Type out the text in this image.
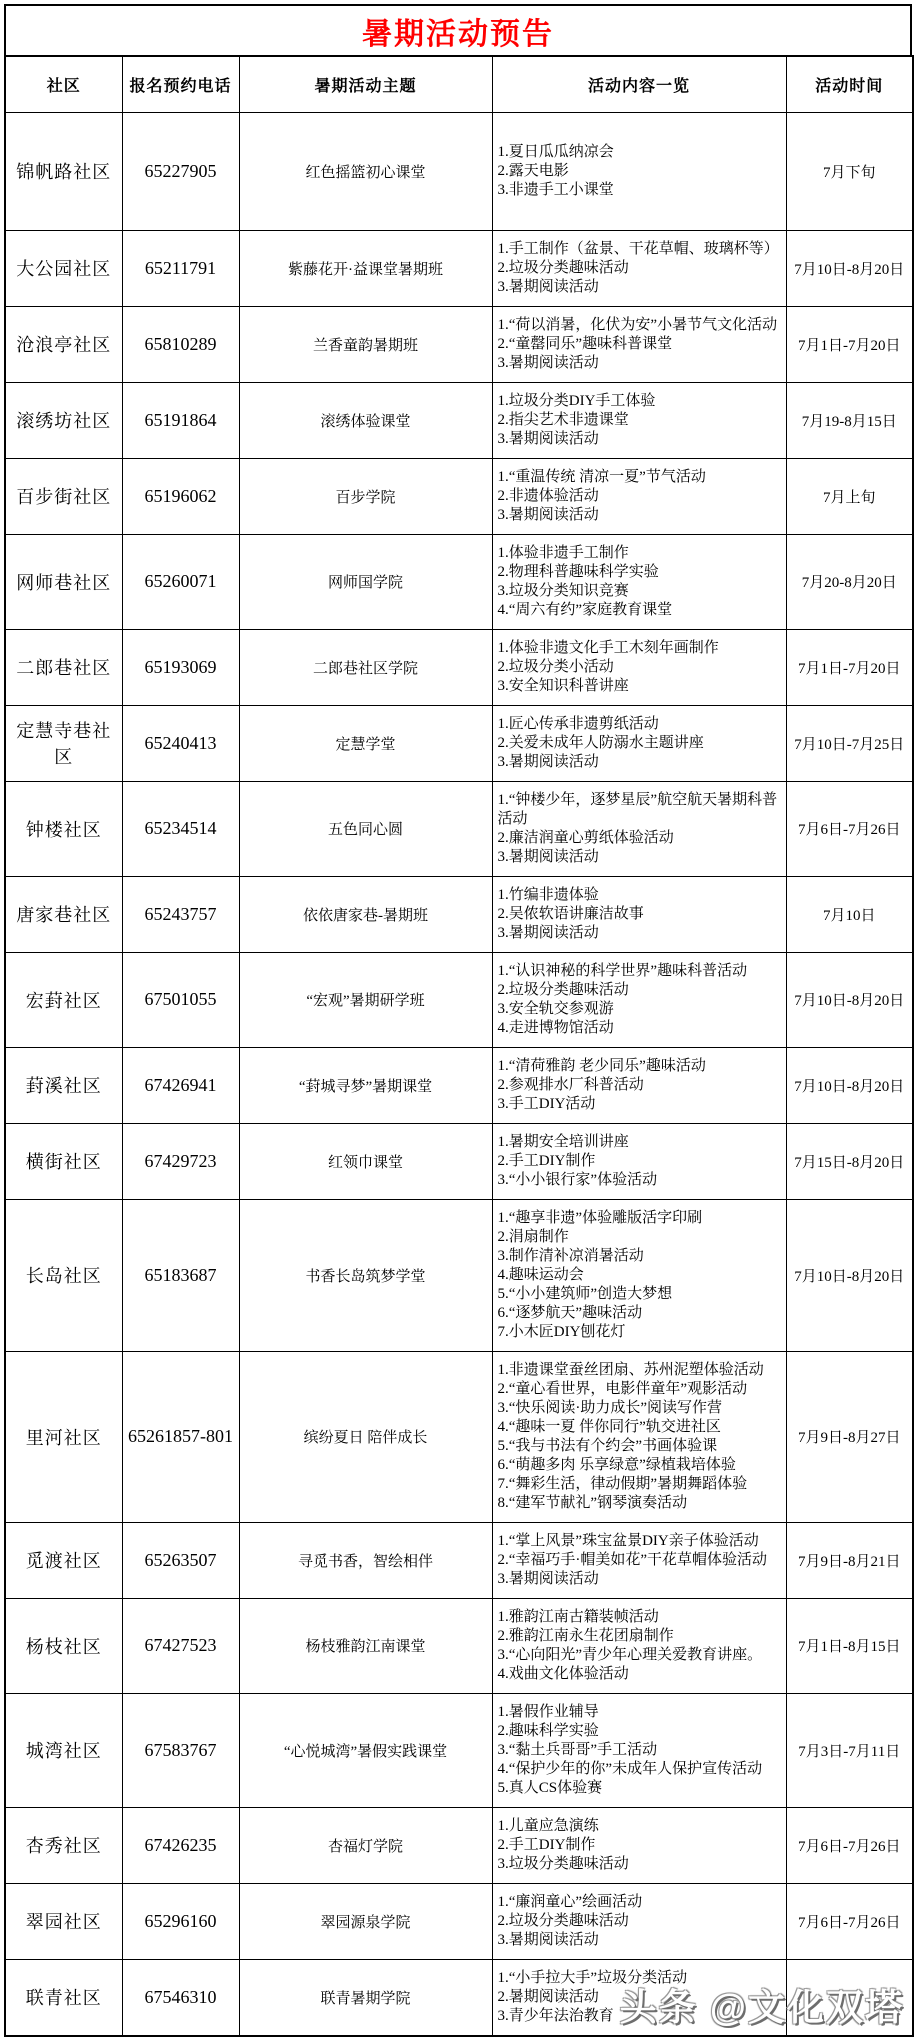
暑期活动预告
社区	报名预约电话	暑期活动主题	活动内容一览	活动时间
锦帆路社区	65227905	红色摇篮初心课堂	1.夏日瓜瓜纳凉会
2.露天电影
3.非遗手工小课堂	7月下旬
大公园社区	65211791	紫藤花开·益课堂暑期班	1.手工制作（盆景、干花草帽、玻璃杯等）
2.垃圾分类趣味活动
3.暑期阅读活动	7月10日-8月20日
沧浪亭社区	65810289	兰香童韵暑期班	1.“荷以消暑，化伏为安”小暑节气文化活动
2.“童罄同乐”趣味科普课堂
3.暑期阅读活动	7月1日-7月20日
滚绣坊社区	65191864	滚绣体验课堂	1.垃圾分类DIY手工体验
2.指尖艺术非遗课堂
3.暑期阅读活动	7月19-8月15日
百步街社区	65196062	百步学院	1.“重温传统 清凉一夏”节气活动
2.非遗体验活动
3.暑期阅读活动	7月上旬
网师巷社区	65260071	网师国学院	1.体验非遗手工制作
2.物理科普趣味科学实验
3.垃圾分类知识竞赛
4.“周六有约”家庭教育课堂	7月20-8月20日
二郎巷社区	65193069	二郎巷社区学院	1.体验非遗文化手工木刻年画制作
2.垃圾分类小活动
3.安全知识科普讲座	7月1日-7月20日
定慧寺巷社区	65240413	定慧学堂	1.匠心传承非遗剪纸活动
2.关爱未成年人防溺水主题讲座
3.暑期阅读活动	7月10日-7月25日
钟楼社区	65234514	五色同心圆	1.“钟楼少年，逐梦星辰”航空航天暑期科普活动
2.廉洁润童心剪纸体验活动
3.暑期阅读活动	7月6日-7月26日
唐家巷社区	65243757	依依唐家巷-暑期班	1.竹编非遗体验
2.吴侬软语讲廉洁故事
3.暑期阅读活动	7月10日
宏葑社区	67501055	“宏观”暑期研学班	1.“认识神秘的科学世界”趣味科普活动
2.垃圾分类趣味活动
3.安全轨交参观游
4.走进博物馆活动	7月10日-8月20日
葑溪社区	67426941	“葑城寻梦”暑期课堂	1.“清荷雅韵 老少同乐”趣味活动
2.参观排水厂科普活动
3.手工DIY活动	7月10日-8月20日
横街社区	67429723	红领巾课堂	1.暑期安全培训讲座
2.手工DIY制作
3.“小小银行家”体验活动	7月15日-8月20日
长岛社区	65183687	书香长岛筑梦学堂	
1.“趣享非遗”体验雕版活字印刷
2.涓扇制作
3.制作清补凉消暑活动
4.趣味运动会
5.“小小建筑师”创造大梦想
6.“逐梦航天”趣味活动
7.小木匠DIY刨花灯
	7月10日-8月20日
里河社区	65261857-801	缤纷夏日 陪伴成长	
1.非遗课堂蚕丝团扇、苏州泥塑体验活动
2.“童心看世界，电影伴童年”观影活动
3.“快乐阅读·助力成长”阅读写作营
4.“趣味一夏 伴你同行”轨交进社区
5.“我与书法有个约会”书画体验课
6.“萌趣多肉 乐享绿意”绿植栽培体验
7.“舞彩生活，律动假期”暑期舞蹈体验
8.“建军节献礼”钢琴演奏活动
	7月9日-8月27日
觅渡社区	65263507	寻觅书香，智绘相伴	1.“掌上风景”珠宝盆景DIY亲子体验活动
2.“幸福巧手·帽美如花”干花草帽体验活动
3.暑期阅读活动	7月9日-8月21日
杨枝社区	67427523	杨枝雅韵江南课堂	1.雅韵江南古籍装帧活动
2.雅韵江南永生花团扇制作
3.“心向阳光”青少年心理关爱教育讲座。
4.戏曲文化体验活动	7月1日-8月15日
城湾社区	67583767	“心悦城湾”暑假实践课堂	1.暑假作业辅导
2.趣味科学实验
3.“黏土兵哥哥”手工活动
4.“保护少年的你”未成年人保护宣传活动
5.真人CS体验赛	7月3日-7月11日
杏秀社区	67426235	杏福灯学院	1.儿童应急演练
2.手工DIY制作
3.垃圾分类趣味活动	7月6日-7月26日
翠园社区	65296160	翠园源泉学院	1.“廉润童心”绘画活动
2.垃圾分类趣味活动
3.暑期阅读活动	7月6日-7月26日
联青社区	67546310	联青暑期学院	1.“小手拉大手”垃圾分类活动
2.暑期阅读活动
3.青少年法治教育	
	头条 @文化双塔
